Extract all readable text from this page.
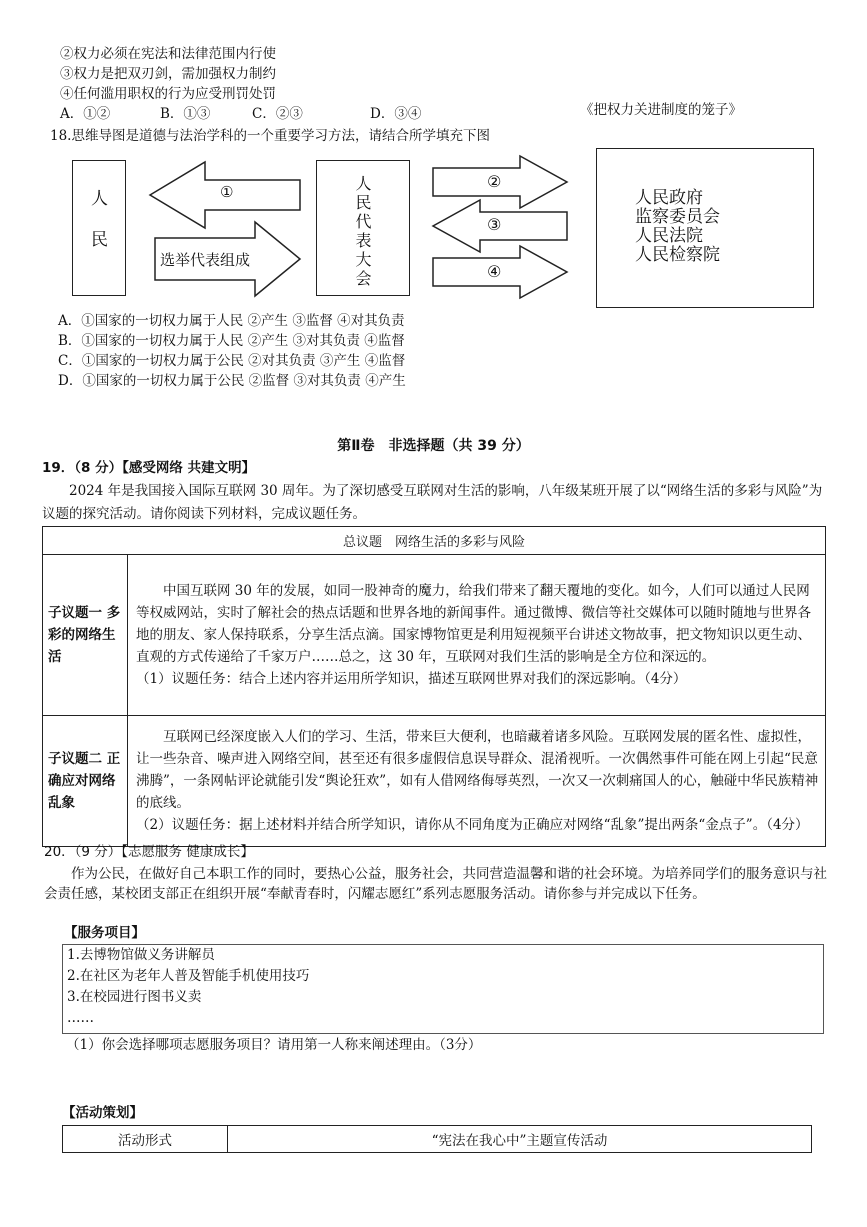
②权力必须在宪法和法律范围内行使
③权力是把双刃剑，需加强权力制约
④任何滥用职权的行为应受刑罚处罚
A．①②	B．①③	C．②③	D．③④	《把权力关进制度的笼子》
18.思维导图是道德与法治学科的一个重要学习方法，请结合所学填充下图
人民	①
选举代表组成	人民代表大会	②
③
④
人民政府
监察委员会
人民法院
人民检察院
A．①国家的一切权力属于人民 ②产生 ③监督 ④对其负责
B．①国家的一切权力属于人民 ②产生 ③对其负责 ④监督
C．①国家的一切权力属于公民 ②对其负责 ③产生 ④监督
D．①国家的一切权力属于公民 ②监督 ③对其负责 ④产生
第Ⅱ卷　非选择题（共 39 分）
19．（8 分）【感受网络 共建文明】
2024 年是我国接入国际互联网 30 周年。为了深切感受互联网对生活的影响，八年级某班开展了以“网络生活的多彩与风险”为议题的探究活动。请你阅读下列材料，完成议题任务。
总议题　网络生活的多彩与风险	

子议题一 多彩的网络生活	中国互联网 30 年的发展，如同一股神奇的魔力，给我们带来了翻天覆地的变化。如今，人们可以通过人民网等权威网站，实时了解社会的热点话题和世界各地的新闻事件。通过微博、微信等社交媒体可以随时随地与世界各地的朋友、家人保持联系，分享生活点滴。国家博物馆更是利用短视频平台讲述文物故事，把文物知识以更生动、直观的方式传递给了千家万户……总之，这 30 年，互联网对我们生活的影响是全方位和深远的。

（1）议题任务：结合上述内容并运用所学知识，描述互联网世界对我们的深远影响。（4分）

子议题二 正确应对网络乱象	互联网已经深度嵌入人们的学习、生活，带来巨大便利，也暗藏着诸多风险。互联网发展的匿名性、虚拟性，让一些杂音、噪声进入网络空间，甚至还有很多虚假信息误导群众、混淆视听。一次偶然事件可能在网上引起“民意沸腾”，一条网帖评论就能引发“舆论狂欢”，如有人借网络侮辱英烈，一次又一次刺痛国人的心，触碰中华民族精神的底线。

（2）议题任务：据上述材料并结合所学知识，请你从不同角度为正确应对网络“乱象”提出两条“金点子”。（4分）

20．（9 分）【志愿服务 健康成长】
作为公民，在做好自己本职工作的同时，要热心公益，服务社会，共同营造温馨和谐的社会环境。为培养同学们的服务意识与社会责任感，某校团支部正在组织开展“奉献青春时，闪耀志愿红”系列志愿服务活动。请你参与并完成以下任务。
【服务项目】
1.去博物馆做义务讲解员
2.在社区为老年人普及智能手机使用技巧
3.在校园进行图书义卖
……
（1）你会选择哪项志愿服务项目？请用第一人称来阐述理由。（3分）
【活动策划】
活动形式	“宪法在我心中”主题宣传活动
